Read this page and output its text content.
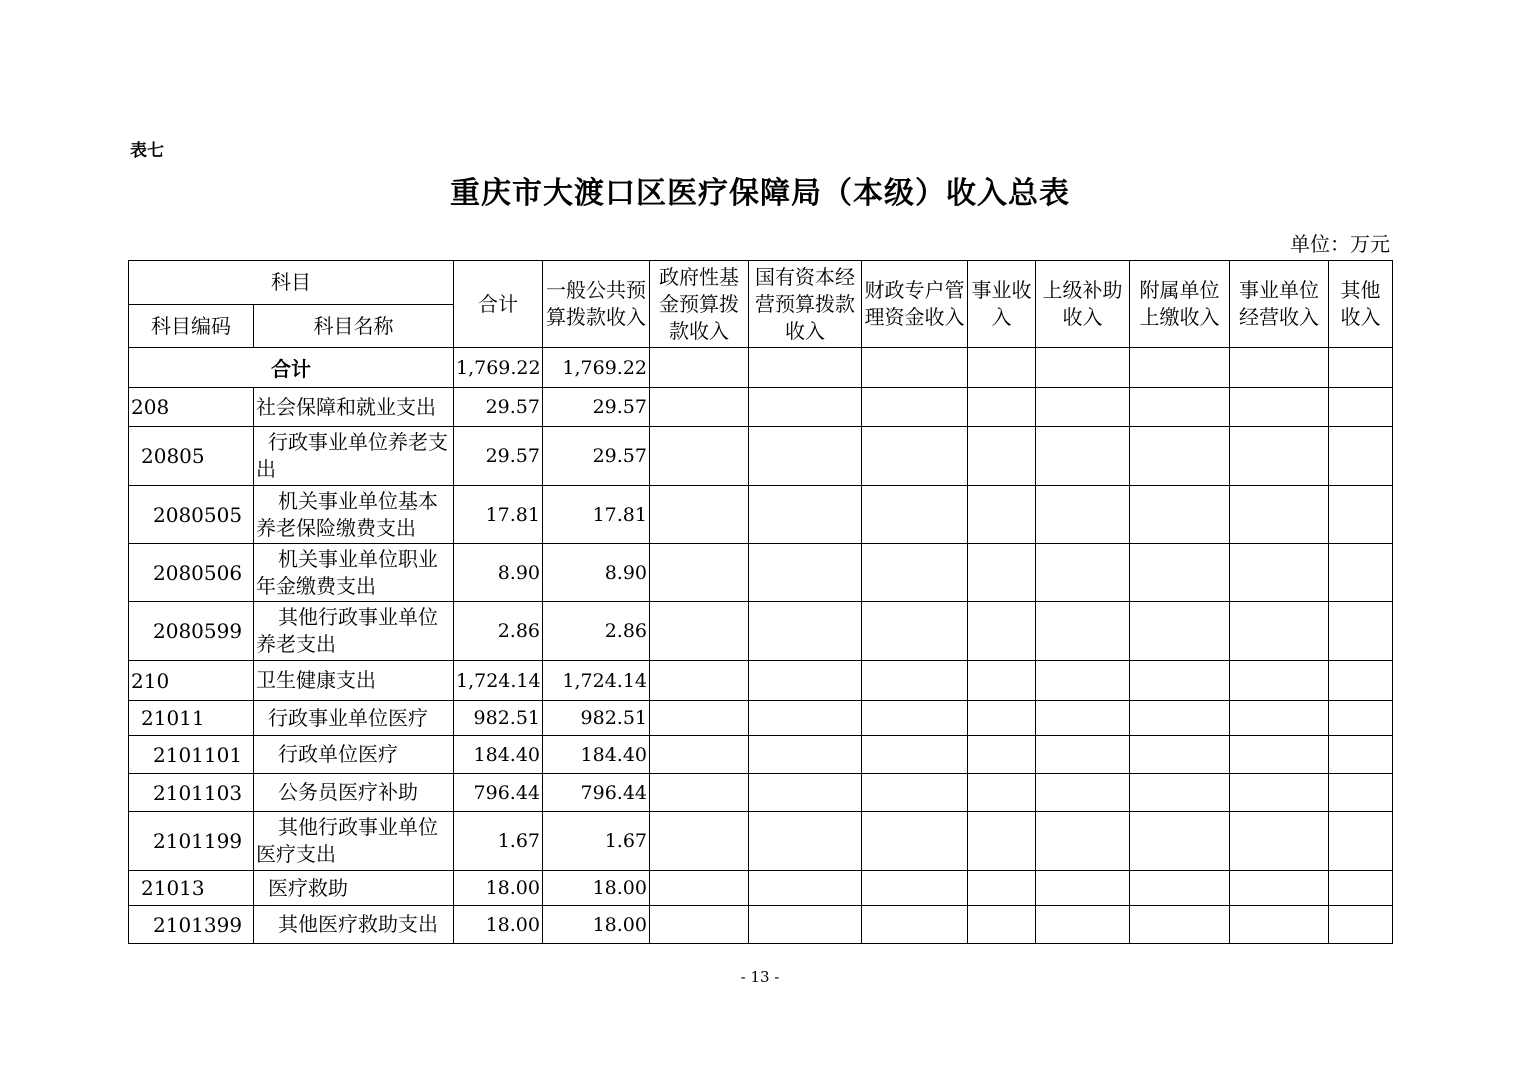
表七
重庆市大渡口区医疗保障局（本级）收入总表
单位：万元
科目		合计	一般公共预算拨款收入	政府性基金预算拨款收入	国有资本经营预算拨款收入	财政专户管理资金收入	事业收入	上级补助收入	附属单位上缴收入	事业单位经营收入	其他收入
科目编码	科目名称										
合计		1,769.22	1,769.22								
208	社会保障和就业支出	29.57	29.57								
20805	行政事业单位养老支出	29.57	29.57								
2080505	机关事业单位基本养老保险缴费支出	17.81	17.81								
2080506	机关事业单位职业年金缴费支出	8.90	8.90								
2080599	其他行政事业单位养老支出	2.86	2.86								
210	卫生健康支出	1,724.14	1,724.14								
21011	行政事业单位医疗	982.51	982.51								
2101101	行政单位医疗	184.40	184.40								
2101103	公务员医疗补助	796.44	796.44								
2101199	其他行政事业单位医疗支出	1.67	1.67								
21013	医疗救助	18.00	18.00								
2101399	其他医疗救助支出	18.00	18.00								
- 13 -
